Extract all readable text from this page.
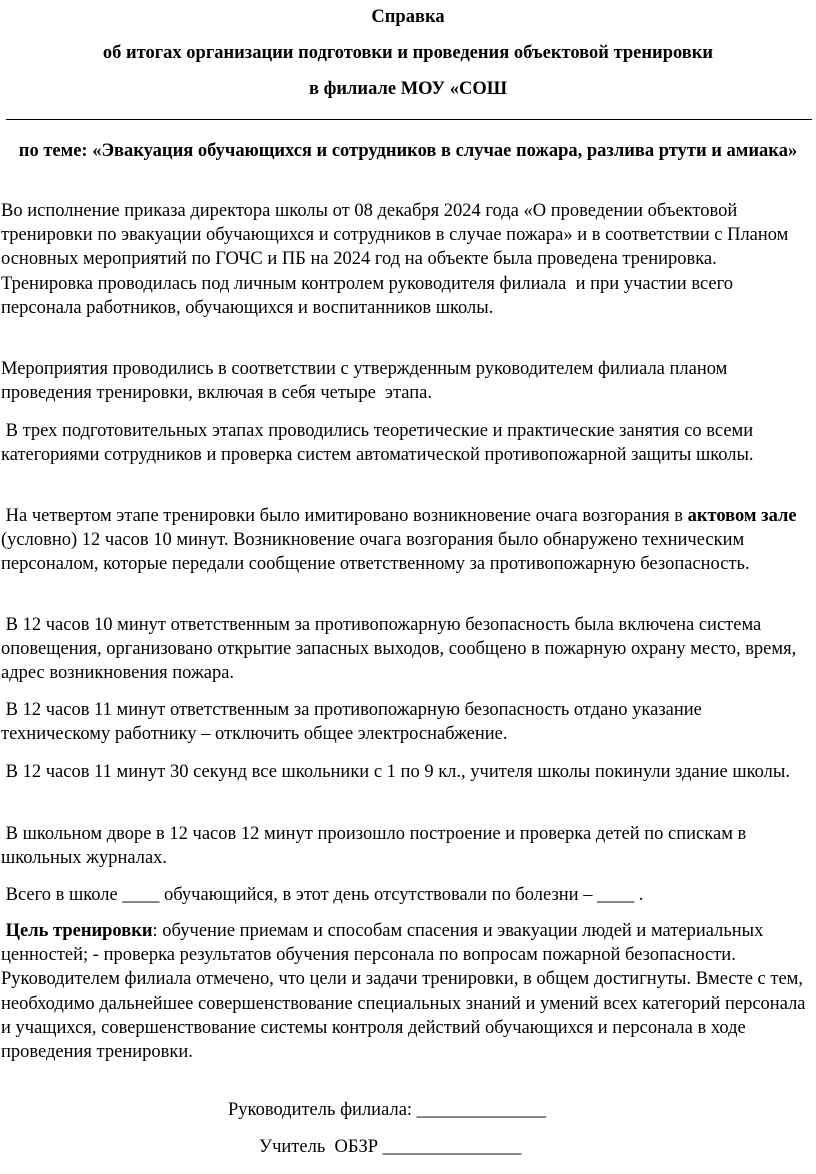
Справка
об итогах организации подготовки и проведения объектовой тренировки
в филиале МОУ «СОШ
по теме: «Эвакуация обучающихся и сотрудников в случае пожара, разлива ртути и амиака»

Во исполнение приказа директора школы от 08 декабря 2024 года «О проведении объектовой тренировки по эвакуации обучающихся и сотрудников в случае пожара» и в соответствии с Планом основных мероприятий по ГОЧС и ПБ на 2024 год на объекте была проведена тренировка. Тренировка проводилась под личным контролем руководителя филиала  и при участии всего персонала работников, обучающихся и воспитанников школы.

Мероприятия проводились в соответствии с утвержденным руководителем филиала планом проведения тренировки, включая в себя четыре  этапа.

В трех подготовительных этапах проводились теоретические и практические занятия со всеми категориями сотрудников и проверка систем автоматической противопожарной защиты школы.

На четвертом этапе тренировки было имитировано возникновение очага возгорания в актовом зале (условно) 12 часов 10 минут. Возникновение очага возгорания было обнаружено техническим персоналом, которые передали сообщение ответственному за противопожарную безопасность.

В 12 часов 10 минут ответственным за противопожарную безопасность была включена система оповещения, организовано открытие запасных выходов, сообщено в пожарную охрану место, время, адрес возникновения пожара.

В 12 часов 11 минут ответственным за противопожарную безопасность отдано указание техническому работнику – отключить общее электроснабжение.

В 12 часов 11 минут 30 секунд все школьники с 1 по 9 кл., учителя школы покинули здание школы.

В школьном дворе в 12 часов 12 минут произошло построение и проверка детей по спискам в школьных журналах.

Всего в школе ____ обучающийся, в этот день отсутствовали по болезни – ____ .

Цель тренировки: обучение приемам и способам спасения и эвакуации людей и материальных ценностей; - проверка результатов обучения персонала по вопросам пожарной безопасности.  Руководителем филиала отмечено, что цели и задачи тренировки, в общем достигнуты. Вместе с тем, необходимо дальнейшее совершенствование специальных знаний и умений всех категорий персонала и учащихся, совершенствование системы контроля действий обучающихся и персонала в ходе проведения тренировки.

Руководитель филиала: ______________
Учитель  ОБЗР _______________
